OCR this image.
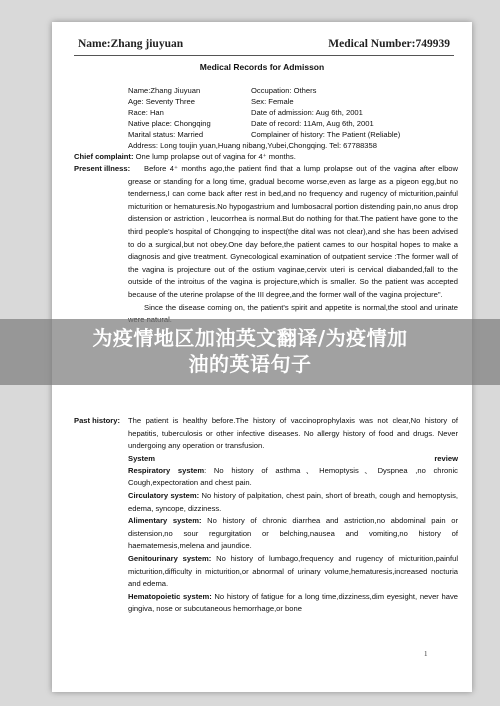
Name:Zhang jiuyuan	Medical Number:749939
Medical Records for Admisson
Name:Zhang Jiuyuan	Occupation: Others
Age: Seventy Three	Sex: Female
Race: Han	Date of admission: Aug 6th, 2001
Native place: Chongqing	Date of record: 11Am, Aug 6th, 2001
Marital status: Married	Complainer of history: The Patient (Reliable)
Address: Long toujin yuan,Huang nibang,Yubei,Chongqing. Tel: 67788358
Chief complaint: One lump prolapse out of vagina for 4⁺ months.
Present illness:	Before 4⁺ months ago,the patient find that a lump prolapse out of the vagina after elbow grease or standing for a long time, gradual become worse,even as large as a pigeon egg,but no tenderness,I can come back after rest in bed,and no frequency and rugency of micturition,painful micturition or hematuresis.No hypogastrium and lumbosacral portion distending pain,no anus drop distension or astriction , leucorrhea is normal.But do nothing for that.The patient have gone to the third people's hospital of Chongqing to inspect(the dital was not clear),and she has been advised to do a surgical,but not obey.One day before,the patient cames to our hospital hopes to make a diagnosis and give treatment. Gynecological examination of outpatient service :The former wall of the vagina is projecture out of the ostium vaginae,cervix uteri is cervical diabanded,fall to the outside of the introitus of the vagina is projecture,which is smaller. So the patient was accepted because of the uterine prolapse of the III degree,and the former wall of the vagina projecture".

Since the disease coming on, the patient's spirit and appetite is normal,the stool and urinate

Past history: The patient is healthy before.The history of vaccinoprophylaxis was not clear,No history of hepatitis, tuberculosis or other infective diseases. No allergy history of food and drugs. Never undergoing any operation or transfusion.

System	review

Respiratory system: No history of asthma、Hemoptysis、Dyspnea ,no chronic Cough,expectoration and chest pain.

Circulatory system: No history of palpitation, chest pain, short of breath, cough and hemoptysis, edema, syncope, dizziness.

Alimentary system: No history of chronic diarrhea and astriction,no abdominal pain or distension,no sour regurgitation or belching,nausea and vomiting,no history of haematemesis,melena and jaundice.

Genitourinary system: No history of lumbago,frequency and rugency of micturition,painful micturition,difficulty in micturition,or abnormal of urinary volume,hematuresis,increased nocturia and edema.

Hematopoietic system: No history of fatigue for a long time,dizziness,dim eyesight, never have gingiva, nose or subcutaneous hemorrhage,or bone

1
为疫情地区加油英文翻译/为疫情加
油的英语句子
